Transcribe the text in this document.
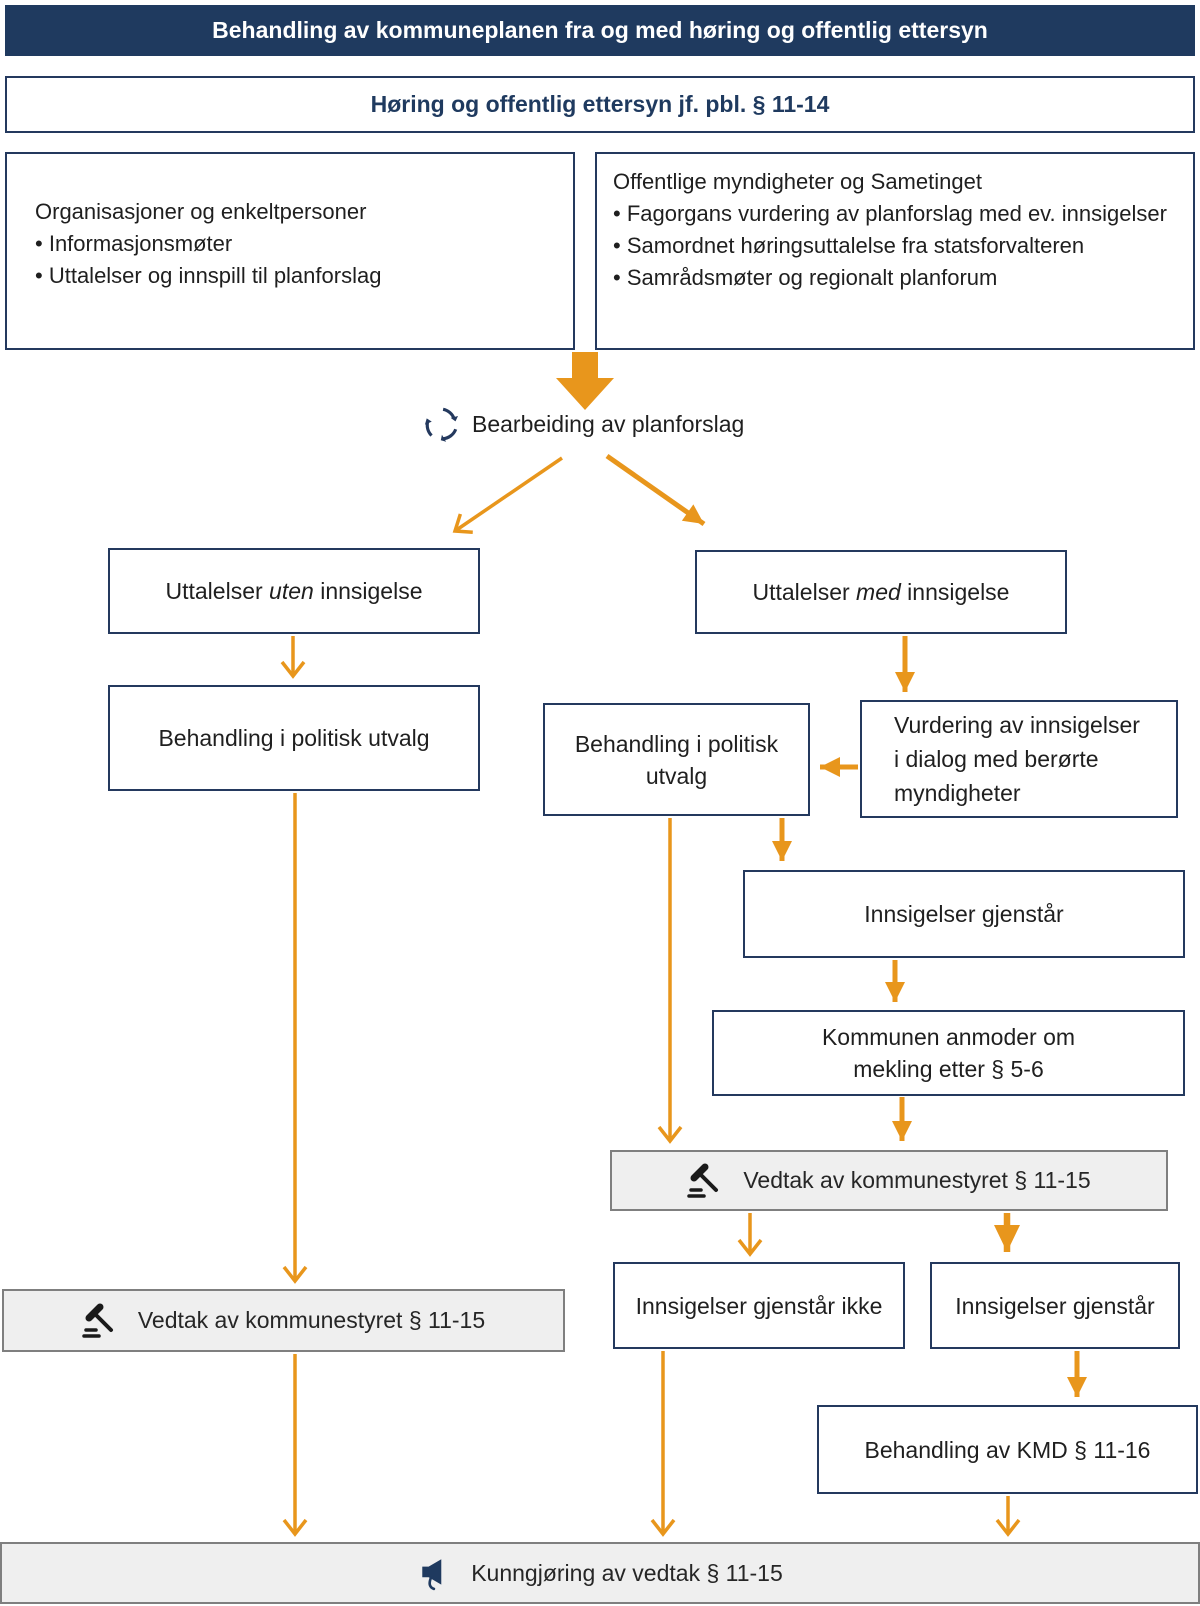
Behandling av kommuneplanen fra og med høring og offentlig ettersyn
Høring og offentlig ettersyn jf. pbl. § 11-14
Organisasjoner og enkeltpersoner
• Informasjonsmøter
• Uttalelser og innspill til planforslag
Offentlige myndigheter og Sametinget
• Fagorgans vurdering av planforslag med ev. innsigelser
• Samordnet høringsuttalelse fra statsforvalteren
• Samrådsmøter og regionalt planforum
Bearbeiding av planforslag
Uttalelser uten innsigelse	Uttalelser med innsigelse
Behandling i politisk utvalg	Behandling i politisk utvalg
Vurdering av innsigelser i dialog med berørte myndigheter
Innsigelser gjenstår
Kommunen anmoder om mekling etter § 5-6
Vedtak av kommunestyret § 11-15
Innsigelser gjenstår ikke	Innsigelser gjenstår
Vedtak av kommunestyret § 11-15
Behandling av KMD § 11-16
Kunngjøring av vedtak § 11-15
